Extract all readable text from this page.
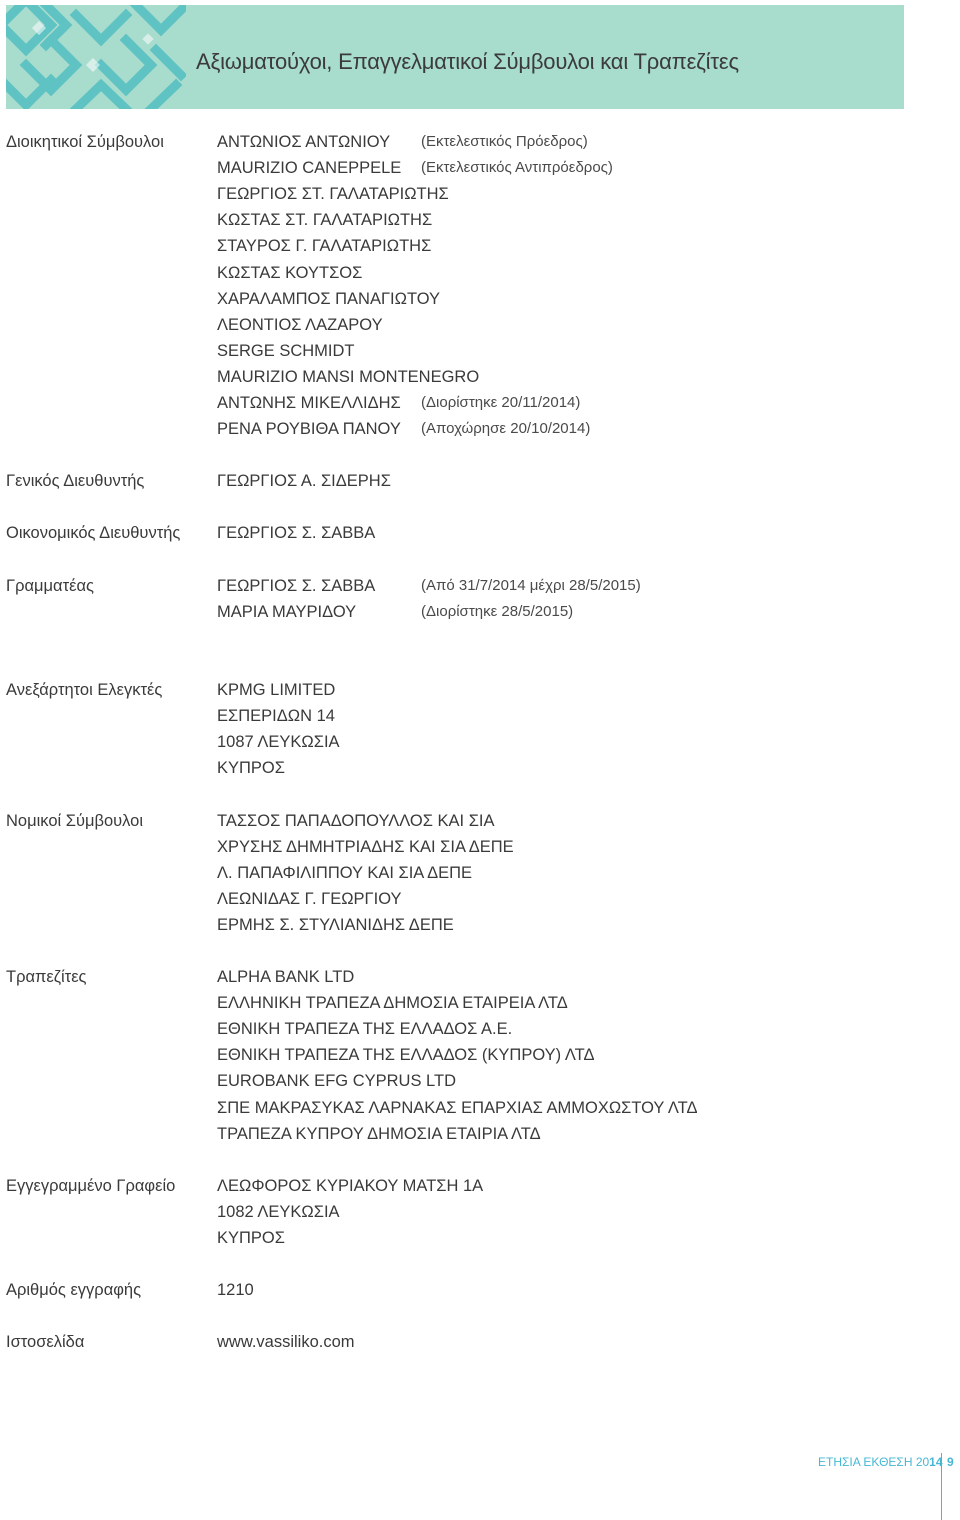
Αξιωματούχοι, Επαγγελματικοί Σύμβουλοι και Τραπεζίτες
Διοικητικοί Σύμβουλοι	ΑΝΤΩΝΙΟΣ ΑΝΤΩΝΙΟΥ (Εκτελεστικός Πρόεδρος)
MAURIZIO CANEPPELE (Εκτελεστικός Αντιπρόεδρος)
ΓΕΩΡΓΙΟΣ ΣΤ. ΓΑΛΑΤΑΡΙΩΤΗΣ
ΚΩΣΤΑΣ ΣΤ. ΓΑΛΑΤΑΡΙΩΤΗΣ
ΣΤΑΥΡΟΣ Γ. ΓΑΛΑΤΑΡΙΩΤΗΣ
ΚΩΣΤΑΣ ΚΟΥΤΣΟΣ
ΧΑΡΑΛΑΜΠΟΣ ΠΑΝΑΓΙΩΤΟΥ
ΛΕΟΝΤΙΟΣ ΛΑΖΑΡΟΥ
SERGE SCHMIDT
MAURIZIO MANSI MONTENEGRO
ΑΝΤΩΝΗΣ ΜΙΚΕΛΛΙΔΗΣ (Διορίστηκε 20/11/2014)
ΡΕΝΑ ΡΟΥΒΙΘΑ ΠΑΝΟΥ (Αποχώρησε 20/10/2014)
Γενικός Διευθυντής	ΓΕΩΡΓΙΟΣ Α. ΣΙΔΕΡΗΣ
Οικονομικός Διευθυντής ΓΕΩΡΓΙΟΣ Σ. ΣΑΒΒΑ
Γραμματέας	ΓΕΩΡΓΙΟΣ Σ. ΣΑΒΒΑ	(Από 31/7/2014 μέχρι 28/5/2015)
ΜΑΡΙΑ ΜΑΥΡΙΔΟΥ	(Διορίστηκε 28/5/2015)
Ανεξάρτητοι Ελεγκτές	KPMG LIMITED
ΕΣΠΕΡΙΔΩΝ 14
1087 ΛΕΥΚΩΣΙΑ
ΚΥΠΡΟΣ
Νομικοί Σύμβουλοι	ΤΑΣΣΟΣ ΠΑΠΑΔΟΠΟΥΛΛΟΣ ΚΑΙ ΣΙΑ
ΧΡΥΣΗΣ ΔΗΜΗΤΡΙΑΔΗΣ ΚΑΙ ΣΙΑ ΔΕΠΕ
Λ. ΠΑΠΑΦΙΛΙΠΠΟΥ ΚΑΙ ΣΙΑ ΔΕΠΕ
ΛΕΩΝΙΔΑΣ Γ. ΓΕΩΡΓΙΟΥ
ΕΡΜΗΣ Σ. ΣΤΥΛΙΑΝΙΔΗΣ ΔΕΠΕ
Τραπεζίτες	ALPHA BANK LTD
ΕΛΛΗΝΙΚΗ ΤΡΑΠΕΖΑ ΔΗΜΟΣΙΑ ΕΤΑΙΡΕΙΑ ΛΤΔ
ΕΘΝΙΚΗ ΤΡΑΠΕΖΑ ΤΗΣ ΕΛΛΑΔΟΣ Α.Ε.
ΕΘΝΙΚΗ ΤΡΑΠΕΖΑ ΤΗΣ ΕΛΛΑΔΟΣ (ΚΥΠΡΟΥ) ΛΤΔ
EUROBANK EFG CYPRUS LTD
ΣΠΕ ΜΑΚΡΑΣΥΚΑΣ ΛΑΡΝΑΚΑΣ ΕΠΑΡΧΙΑΣ ΑΜΜΟΧΩΣΤΟΥ ΛΤΔ
ΤΡΑΠΕΖΑ ΚΥΠΡΟΥ ΔΗΜΟΣΙΑ ΕΤΑΙΡΙΑ ΛΤΔ
Εγγεγραμμένο Γραφείο	ΛΕΩΦΟΡΟΣ ΚΥΡΙΑΚΟΥ ΜΑΤΣΗ 1Α
1082 ΛΕΥΚΩΣΙΑ
ΚΥΠΡΟΣ
Αριθμός εγγραφής	1210
Ιστοσελίδα	www.vassiliko.com
ΕΤΗΣΙΑ ΕΚΘΕΣΗ 2014 9
